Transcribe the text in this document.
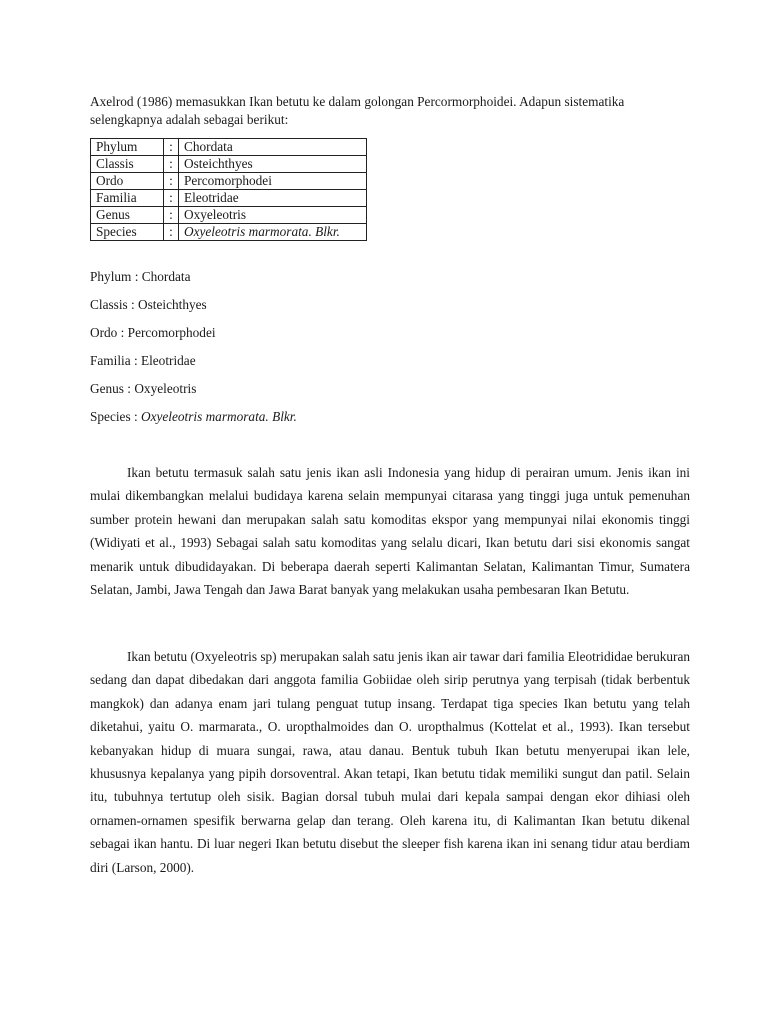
Axelrod (1986) memasukkan Ikan betutu ke dalam golongan Percormorphoidei. Adapun sistematika selengkapnya adalah sebagai berikut:

Phylum	:	Chordata
Classis	:	Osteichthyes
Ordo	:	Percomorphodei
Familia	:	Eleotridae
Genus	:	Oxyeleotris
Species	:	Oxyeleotris marmorata. Blkr.
Phylum : Chordata
Classis : Osteichthyes
Ordo : Percomorphodei
Familia : Eleotridae
Genus : Oxyeleotris
Species : Oxyeleotris marmorata. Blkr.

Ikan betutu termasuk salah satu jenis ikan asli Indonesia yang hidup di perairan umum. Jenis ikan ini mulai dikembangkan melalui budidaya karena selain mempunyai citarasa yang tinggi juga untuk pemenuhan sumber protein hewani dan merupakan salah satu komoditas ekspor yang mempunyai nilai ekonomis tinggi (Widiyati et al., 1993) Sebagai salah satu komoditas yang selalu dicari, Ikan betutu dari sisi ekonomis sangat menarik untuk dibudidayakan. Di beberapa daerah seperti Kalimantan Selatan, Kalimantan Timur, Sumatera Selatan, Jambi, Jawa Tengah dan Jawa Barat banyak yang melakukan usaha pembesaran Ikan Betutu.

Ikan betutu (Oxyeleotris sp) merupakan salah satu jenis ikan air tawar dari familia Eleotrididae berukuran sedang dan dapat dibedakan dari anggota familia Gobiidae oleh sirip perutnya yang terpisah (tidak berbentuk mangkok) dan adanya enam jari tulang penguat tutup insang. Terdapat tiga species Ikan betutu yang telah diketahui, yaitu O. marmarata., O. uropthalmoides dan O. uropthalmus (Kottelat et al., 1993). Ikan tersebut kebanyakan hidup di muara sungai, rawa, atau danau. Bentuk tubuh Ikan betutu menyerupai ikan lele, khususnya kepalanya yang pipih dorsoventral. Akan tetapi, Ikan betutu tidak memiliki sungut dan patil. Selain itu, tubuhnya tertutup oleh sisik. Bagian dorsal tubuh mulai dari kepala sampai dengan ekor dihiasi oleh ornamen-ornamen spesifik berwarna gelap dan terang. Oleh karena itu, di Kalimantan Ikan betutu dikenal sebagai ikan hantu. Di luar negeri Ikan betutu disebut the sleeper fish karena ikan ini senang tidur atau berdiam diri (Larson, 2000).
